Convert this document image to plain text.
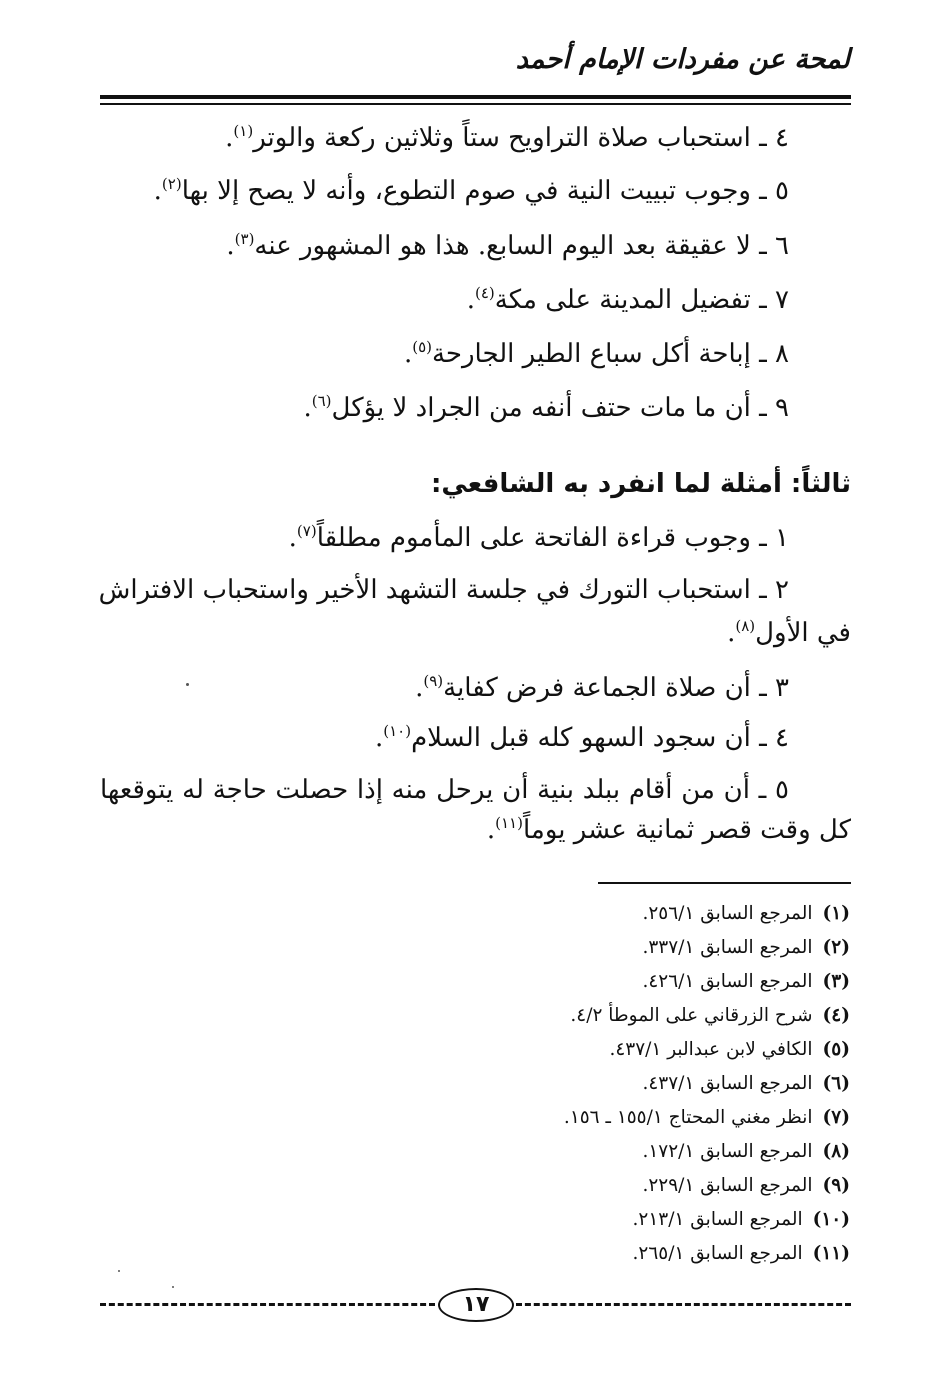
لمحة عن مفردات الإمام أحمد
٤ ـ استحباب صلاة التراويح ستاً وثلاثين ركعة والوتر$^{(١)}$.
٥ ـ وجوب تبييت النية في صوم التطوع، وأنه لا يصح إلا بها$^{(٢)}$.
٦ ـ لا عقيقة بعد اليوم السابع. هذا هو المشهور عنه$^{(٣)}$.
٧ ـ تفضيل المدينة على مكة$^{(٤)}$.
٨ ـ إباحة أكل سباع الطير الجارحة$^{(٥)}$.
٩ ـ أن ما مات حتف أنفه من الجراد لا يؤكل$^{(٦)}$.
ثالثاً: أمثلة لما انفرد به الشافعي:
١ ـ وجوب قراءة الفاتحة على المأموم مطلقاً$^{(٧)}$.
٢ ـ استحباب التورك في جلسة التشهد الأخير واستحباب الافتراش
في الأول$^{(٨)}$.
٣ ـ أن صلاة الجماعة فرض كفاية$^{(٩)}$.
٤ ـ أن سجود السهو كله قبل السلام$^{(١٠)}$.
٥ ـ أن من أقام ببلد بنية أن يرحل منه إذا حصلت حاجة له يتوقعها
كل وقت قصر ثمانية عشر يوماً$^{(١١)}$.
(١)المرجع السابق ٢٥٦/١.
(٢)المرجع السابق ٣٣٧/١.
(٣)المرجع السابق ٤٢٦/١.
(٤)شرح الزرقاني على الموطأ ٤/٢.
(٥)الكافي لابن عبدالبر ٤٣٧/١.
(٦)المرجع السابق ٤٣٧/١.
(٧)انظر مغني المحتاج ١٥٥/١ ـ ١٥٦.
(٨)المرجع السابق ١٧٢/١.
(٩)المرجع السابق ٢٢٩/١.
(١٠)المرجع السابق ٢١٣/١.
(١١)المرجع السابق ٢٦٥/١.
١٧
